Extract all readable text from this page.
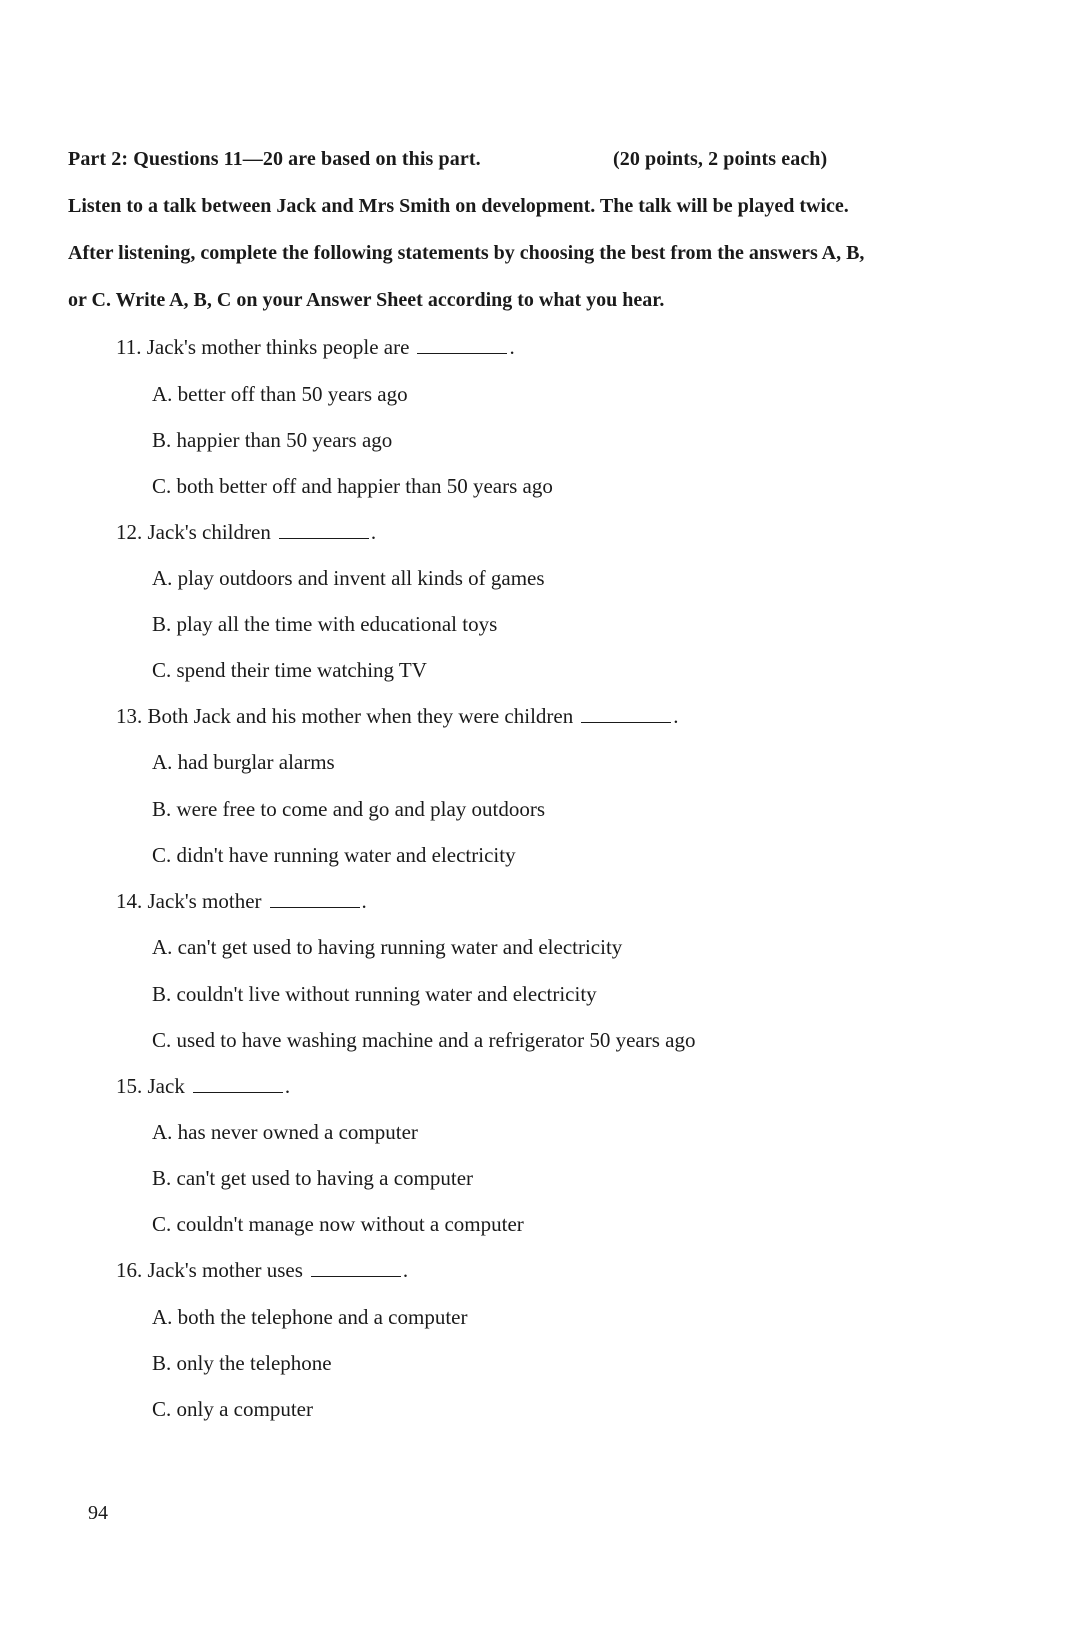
Part 2: Questions 11—20 are based on this part.	(20 points, 2 points each)
Listen to a talk between Jack and Mrs Smith on development. The talk will be played twice.
After listening, complete the following statements by choosing the best from the answers A, B,
or C. Write A, B, C on your Answer Sheet according to what you hear.
11. Jack's mother thinks people are	.
A. better off than 50 years ago
B. happier than 50 years ago
C. both better off and happier than 50 years ago
12. Jack's children	.
A. play outdoors and invent all kinds of games
B. play all the time with educational toys
C. spend their time watching TV
13. Both Jack and his mother when they were children	.
A. had burglar alarms
B. were free to come and go and play outdoors
C. didn't have running water and electricity
14. Jack's mother	.
A. can't get used to having running water and electricity
B. couldn't live without running water and electricity
C. used to have washing machine and a refrigerator 50 years ago
15. Jack	.
A. has never owned a computer
B. can't get used to having a computer
C. couldn't manage now without a computer
16. Jack's mother uses	.
A. both the telephone and a computer
B. only the telephone
C. only a computer
94
